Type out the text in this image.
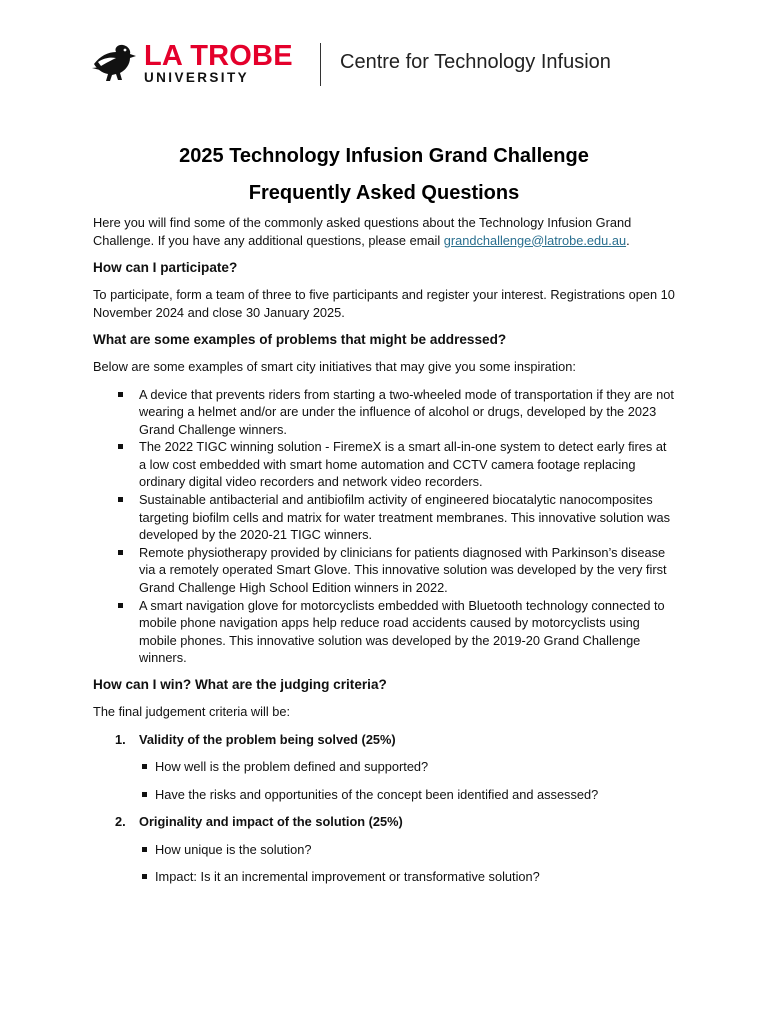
LA TROBE
UNIVERSITY
Centre for Technology Infusion
2025 Technology Infusion Grand Challenge
Frequently Asked Questions

Here you will find some of the commonly asked questions about the Technology Infusion Grand Challenge. If you have any additional questions, please email grandchallenge@latrobe.edu.au.

How can I participate?

To participate, form a team of three to five participants and register your interest. Registrations open 10 November 2024 and close 30 January 2025.

What are some examples of problems that might be addressed?

Below are some examples of smart city initiatives that may give you some inspiration:

A device that prevents riders from starting a two-wheeled mode of transportation if they are not wearing a helmet and/or are under the influence of alcohol or drugs, developed by the 2023 Grand Challenge winners.
The 2022 TIGC winning solution - FiremeX is a smart all-in-one system to detect early fires at a low cost embedded with smart home automation and CCTV camera footage replacing ordinary digital video recorders and network video recorders.
Sustainable antibacterial and antibiofilm activity of engineered biocatalytic nanocomposites targeting biofilm cells and matrix for water treatment membranes. This innovative solution was developed by the 2020-21 TIGC winners.
Remote physiotherapy provided by clinicians for patients diagnosed with Parkinson’s disease via a remotely operated Smart Glove. This innovative solution was developed by the very first Grand Challenge High School Edition winners in 2022.
A smart navigation glove for motorcyclists embedded with Bluetooth technology connected to mobile phone navigation apps help reduce road accidents caused by motorcyclists using mobile phones. This innovative solution was developed by the 2019-20 Grand Challenge winners.
How can I win? What are the judging criteria?

The final judgement criteria will be:

1. Validity of the problem being solved (25%)
How well is the problem defined and supported?
Have the risks and opportunities of the concept been identified and assessed?
2. Originality and impact of the solution (25%)
How unique is the solution?
Impact: Is it an incremental improvement or transformative solution?
